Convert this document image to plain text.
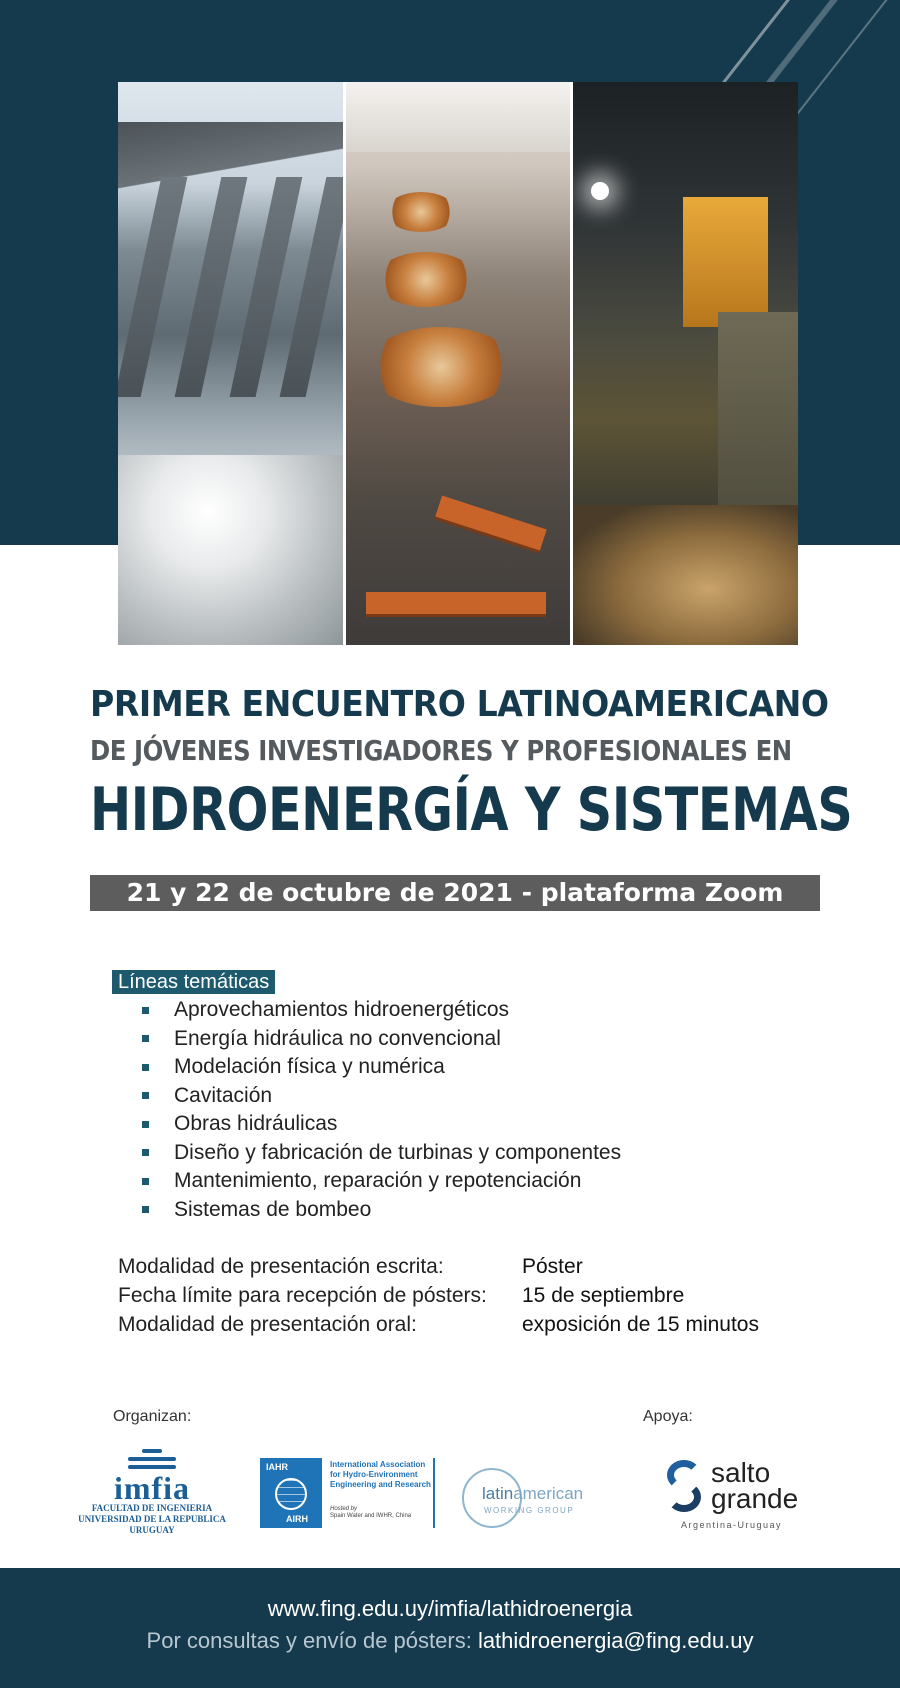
PRIMER ENCUENTRO LATINOAMERICANO
DE JÓVENES INVESTIGADORES Y PROFESIONALES EN
HIDROENERGÍA Y SISTEMAS
21 y 22 de octubre de 2021 - plataforma Zoom
Líneas temáticas
Aprovechamientos hidroenergéticos
Energía hidráulica no convencional
Modelación física y numérica
Cavitación
Obras hidráulicas
Diseño y fabricación de turbinas y componentes
Mantenimiento, reparación y repotenciación
Sistemas de bombeo
Modalidad de presentación escrita:	Póster
Fecha límite para recepción de pósters:	15 de septiembre
Modalidad de presentación oral:	exposición de 15 minutos
Organizan:	Apoya:
imfia
FACULTAD DE INGENIERIA
UNIVERSIDAD DE LA REPUBLICA
URUGUAY
IAHR
AIRH
International Association
for Hydro-Environment
Engineering and Research
Hosted by
Spain Water and IWHR, China
latinamerican
WORKING GROUP
salto
grande
Argentina-Uruguay
www.fing.edu.uy/imfia/lathidroenergia
Por consultas y envío de pósters: lathidroenergia@fing.edu.uy
